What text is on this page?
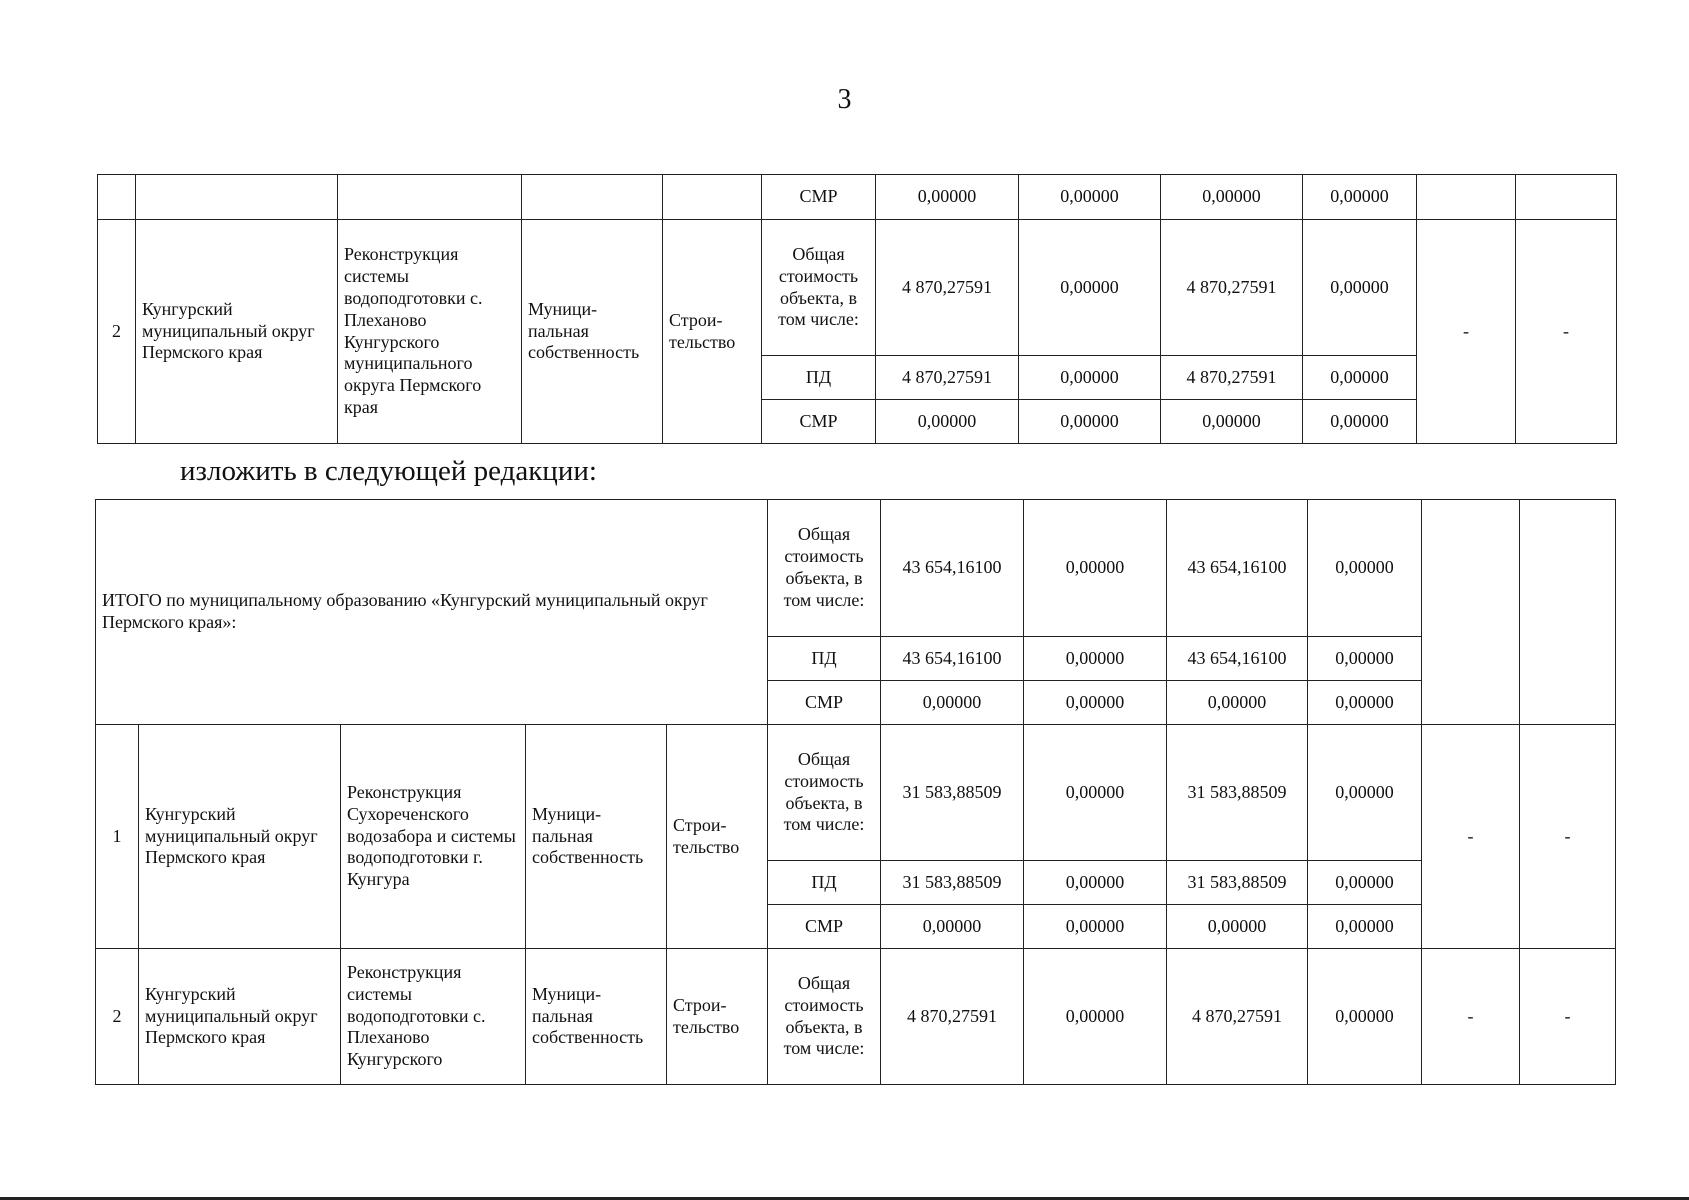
3
					СМР	0,00000	0,00000	0,00000	0,00000		
2	Кунгурский муниципальный округ Пермского края	Реконструкция системы водоподготовки с. Плеханово Кунгурского муниципального округа Пермского края	Муници-пальная собственность	Строи-тельство	Общая стоимость объекта, в том числе:	4 870,27591	0,00000	4 870,27591	0,00000	-	-
					ПД	4 870,27591	0,00000	4 870,27591	0,00000		
					СМР	0,00000	0,00000	0,00000	0,00000		
изложить в следующей редакции:
ИТОГО по муниципальному образованию «Кунгурский муниципальный округ Пермского края»:					Общая стоимость объекта, в том числе:	43 654,16100	0,00000	43 654,16100	0,00000		
					ПД	43 654,16100	0,00000	43 654,16100	0,00000		
					СМР	0,00000	0,00000	0,00000	0,00000		
1	Кунгурский муниципальный округ Пермского края	Реконструкция Сухореченского водозабора и системы водоподготовки г. Кунгура	Муници-пальная собственность	Строи-тельство	Общая стоимость объекта, в том числе:	31 583,88509	0,00000	31 583,88509	0,00000	-	-
					ПД	31 583,88509	0,00000	31 583,88509	0,00000		
					СМР	0,00000	0,00000	0,00000	0,00000		
2	Кунгурский муниципальный округ Пермского края	Реконструкция системы водоподготовки с. Плеханово Кунгурского	Муници-пальная собственность	Строи-тельство	Общая стоимость объекта, в том числе:	4 870,27591	0,00000	4 870,27591	0,00000	-	-
